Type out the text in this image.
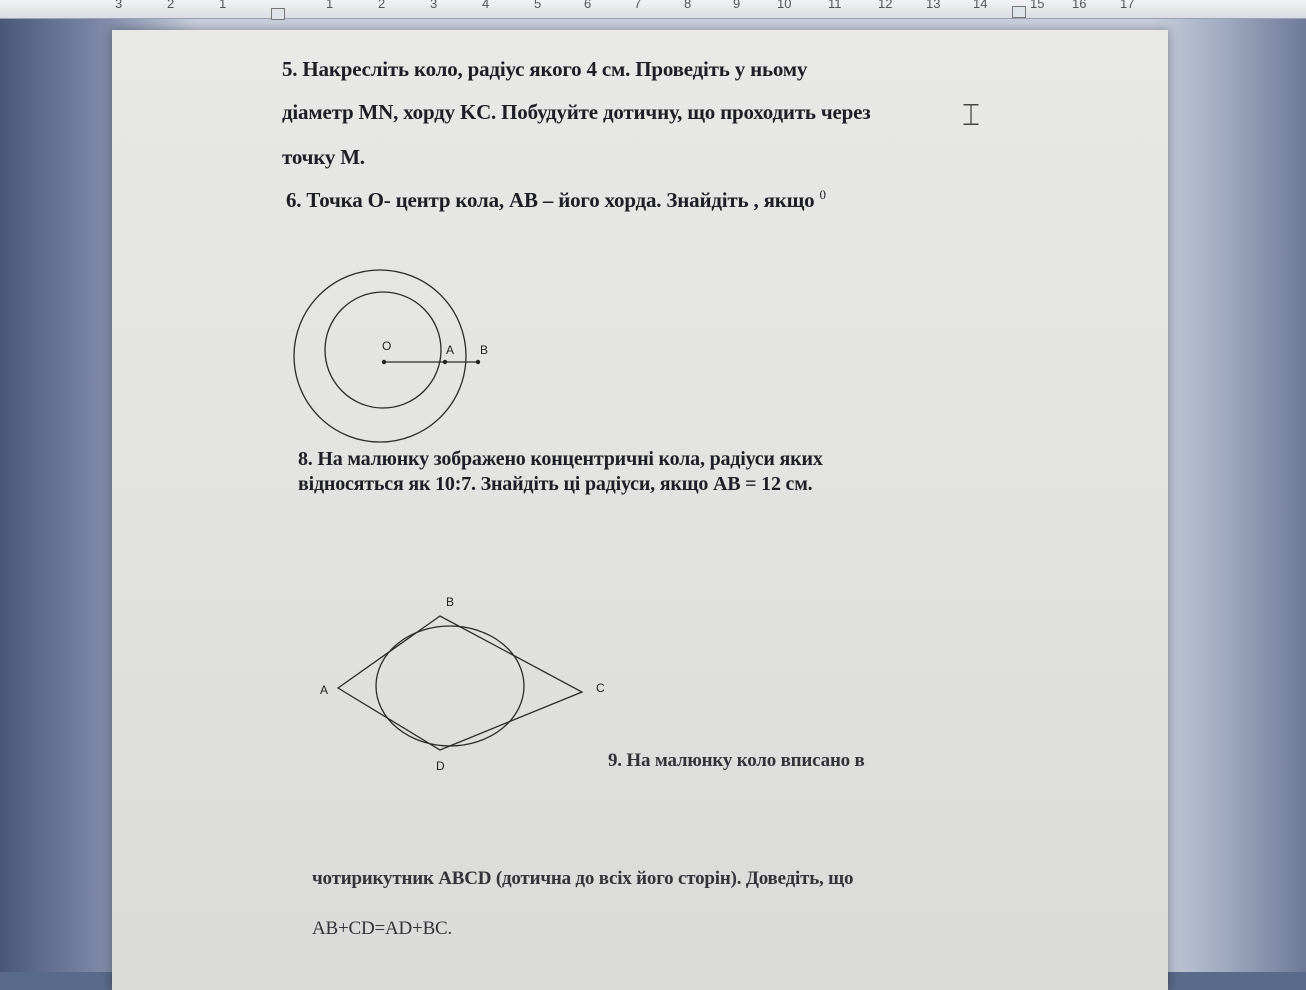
3	2	1	1	2	3	4	5	6	7	8	9	10	11	12	13	14	15 16	17
5. Накресліть коло, радіус якого 4 см. Проведіть у ньому
діаметр MN, хорду KC. Побудуйте дотичну, що проходить через
точку M.
6. Точка О- центр кола, АВ – його хорда. Знайдіть , якщо $^0$
⌶
O	A B
8. На малюнку зображено концентричні кола, радіуси яких
відносяться як 10:7. Знайдіть ці радіуси, якщо AB = 12 см.
B
A	C
D	9. На малюнку коло вписано в
чотирикутник ABCD (дотична до всіх його сторін). Доведіть, що
AB+CD=AD+BC.
